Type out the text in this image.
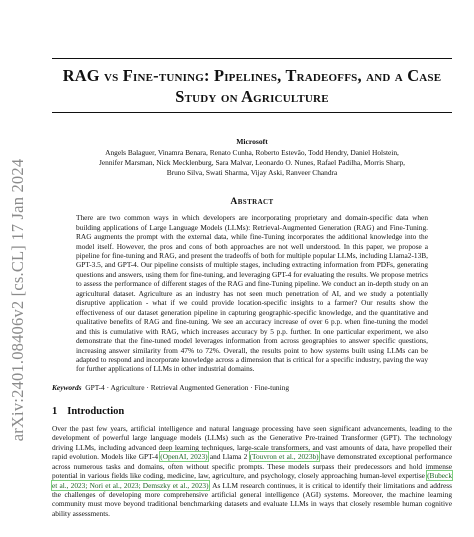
arXiv:2401.08406v2 [cs.CL] 17 Jan 2024
RAG vs Fine-tuning: Pipelines, Tradeoffs, and a Case
Study on Agriculture
Microsoft
Angels Balaguer, Vinamra Benara, Renato Cunha, Roberto Estevão, Todd Hendry, Daniel Holstein,
Jennifer Marsman, Nick Mecklenburg, Sara Malvar, Leonardo O. Nunes, Rafael Padilha, Morris Sharp,
Bruno Silva, Swati Sharma, Vijay Aski, Ranveer Chandra
Abstract
There are two common ways in which developers are incorporating proprietary and domain-specific data when building applications of Large Language Models (LLMs): Retrieval-Augmented Generation (RAG) and Fine-Tuning. RAG augments the prompt with the external data, while fine-Tuning incorporates the additional knowledge into the model itself. However, the pros and cons of both approaches are not well understood. In this paper, we propose a pipeline for fine-tuning and RAG, and present the tradeoffs of both for multiple popular LLMs, including Llama2-13B, GPT-3.5, and GPT-4. Our pipeline consists of multiple stages, including extracting information from PDFs, generating questions and answers, using them for fine-tuning, and leveraging GPT-4 for evaluating the results. We propose metrics to assess the performance of different stages of the RAG and fine-Tuning pipeline. We conduct an in-depth study on an agricultural dataset. Agriculture as an industry has not seen much penetration of AI, and we study a potentially disruptive application - what if we could provide location-specific insights to a farmer? Our results show the effectiveness of our dataset generation pipeline in capturing geographic-specific knowledge, and the quantitative and qualitative benefits of RAG and fine-tuning. We see an accuracy increase of over 6 p.p. when fine-tuning the model and this is cumulative with RAG, which increases accuracy by 5 p.p. further. In one particular experiment, we also demonstrate that the fine-tuned model leverages information from across geographies to answer specific questions, increasing answer similarity from 47% to 72%. Overall, the results point to how systems built using LLMs can be adapted to respond and incorporate knowledge across a dimension that is critical for a specific industry, paving the way for further applications of LLMs in other industrial domains.
Keywords GPT-4 · Agriculture · Retrieval Augmented Generation · Fine-tuning
1 Introduction
Over the past few years, artificial intelligence and natural language processing have seen significant advancements, leading to the development of powerful large language models (LLMs) such as the Generative Pre-trained Transformer (GPT). The technology driving LLMs, including advanced deep learning techniques, large-scale transformers, and vast amounts of data, have propelled their rapid evolution. Models like GPT-4 (OpenAI, 2023) and Llama 2 (Touvron et al., 2023b) have demonstrated exceptional performance across numerous tasks and domains, often without specific prompts. These models surpass their predecessors and hold immense potential in various fields like coding, medicine, law, agriculture, and psychology, closely approaching human-level expertise (Bubeck et al., 2023; Nori et al., 2023; Demszky et al., 2023). As LLM research continues, it is critical to identify their limitations and address the challenges of developing more comprehensive artificial general intelligence (AGI) systems. Moreover, the machine learning community must move beyond traditional benchmarking datasets and evaluate LLMs in ways that closely resemble human cognitive ability assessments.
